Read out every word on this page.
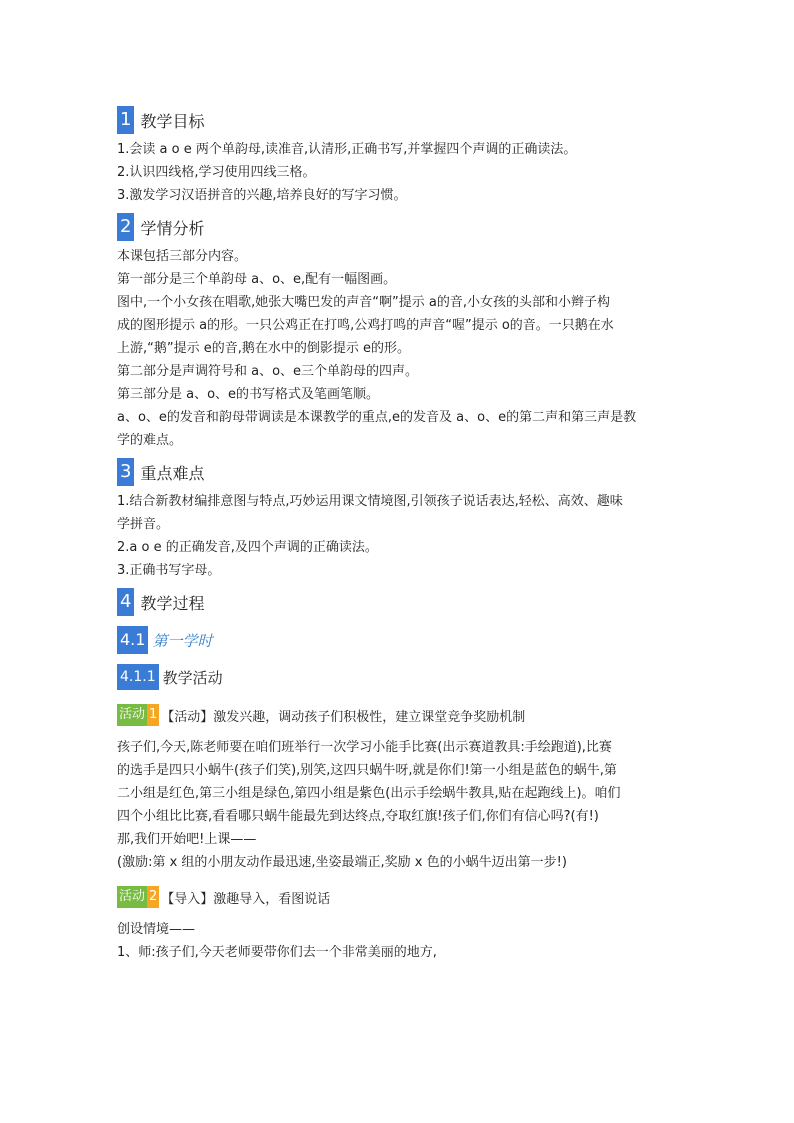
1 教学目标

1.会读 a o e 两个单韵母,读准音,认清形,正确书写,并掌握四个声调的正确读法。

2.认识四线格,学习使用四线三格。

3.激发学习汉语拼音的兴趣,培养良好的写字习惯。

2 学情分析

本课包括三部分内容。

第一部分是三个单韵母 a、o、e,配有一幅图画。

图中,一个小女孩在唱歌,她张大嘴巴发的声音“啊”提示 a的音,小女孩的头部和小辫子构

成的图形提示 a的形。一只公鸡正在打鸣,公鸡打鸣的声音“喔”提示 o的音。一只鹅在水

上游,“鹅”提示 e的音,鹅在水中的倒影提示 e的形。

第二部分是声调符号和 a、o、e三个单韵母的四声。

第三部分是 a、o、e的书写格式及笔画笔顺。

a、o、e的发音和韵母带调读是本课教学的重点,e的发音及 a、o、e的第二声和第三声是教

学的难点。

3 重点难点

1.结合新教材编排意图与特点,巧妙运用课文情境图,引领孩子说话表达,轻松、高效、趣味

学拼音。

2.a o e 的正确发音,及四个声调的正确读法。

3.正确书写字母。

4 教学过程
4.1 第一学时
4.1.1 教学活动
活动 1 【活动】激发兴趣，调动孩子们积极性，建立课堂竞争奖励机制

孩子们,今天,陈老师要在咱们班举行一次学习小能手比赛(出示赛道教具:手绘跑道),比赛

的选手是四只小蜗牛(孩子们笑),别笑,这四只蜗牛呀,就是你们!第一小组是蓝色的蜗牛,第

二小组是红色,第三小组是绿色,第四小组是紫色(出示手绘蜗牛教具,贴在起跑线上)。咱们

四个小组比比赛,看看哪只蜗牛能最先到达终点,夺取红旗!孩子们,你们有信心吗?(有!)

那,我们开始吧!上课——

(激励:第 x 组的小朋友动作最迅速,坐姿最端正,奖励 x 色的小蜗牛迈出第一步!)

活动 2 【导入】激趣导入，看图说话

创设情境——

1、师:孩子们,今天老师要带你们去一个非常美丽的地方,
